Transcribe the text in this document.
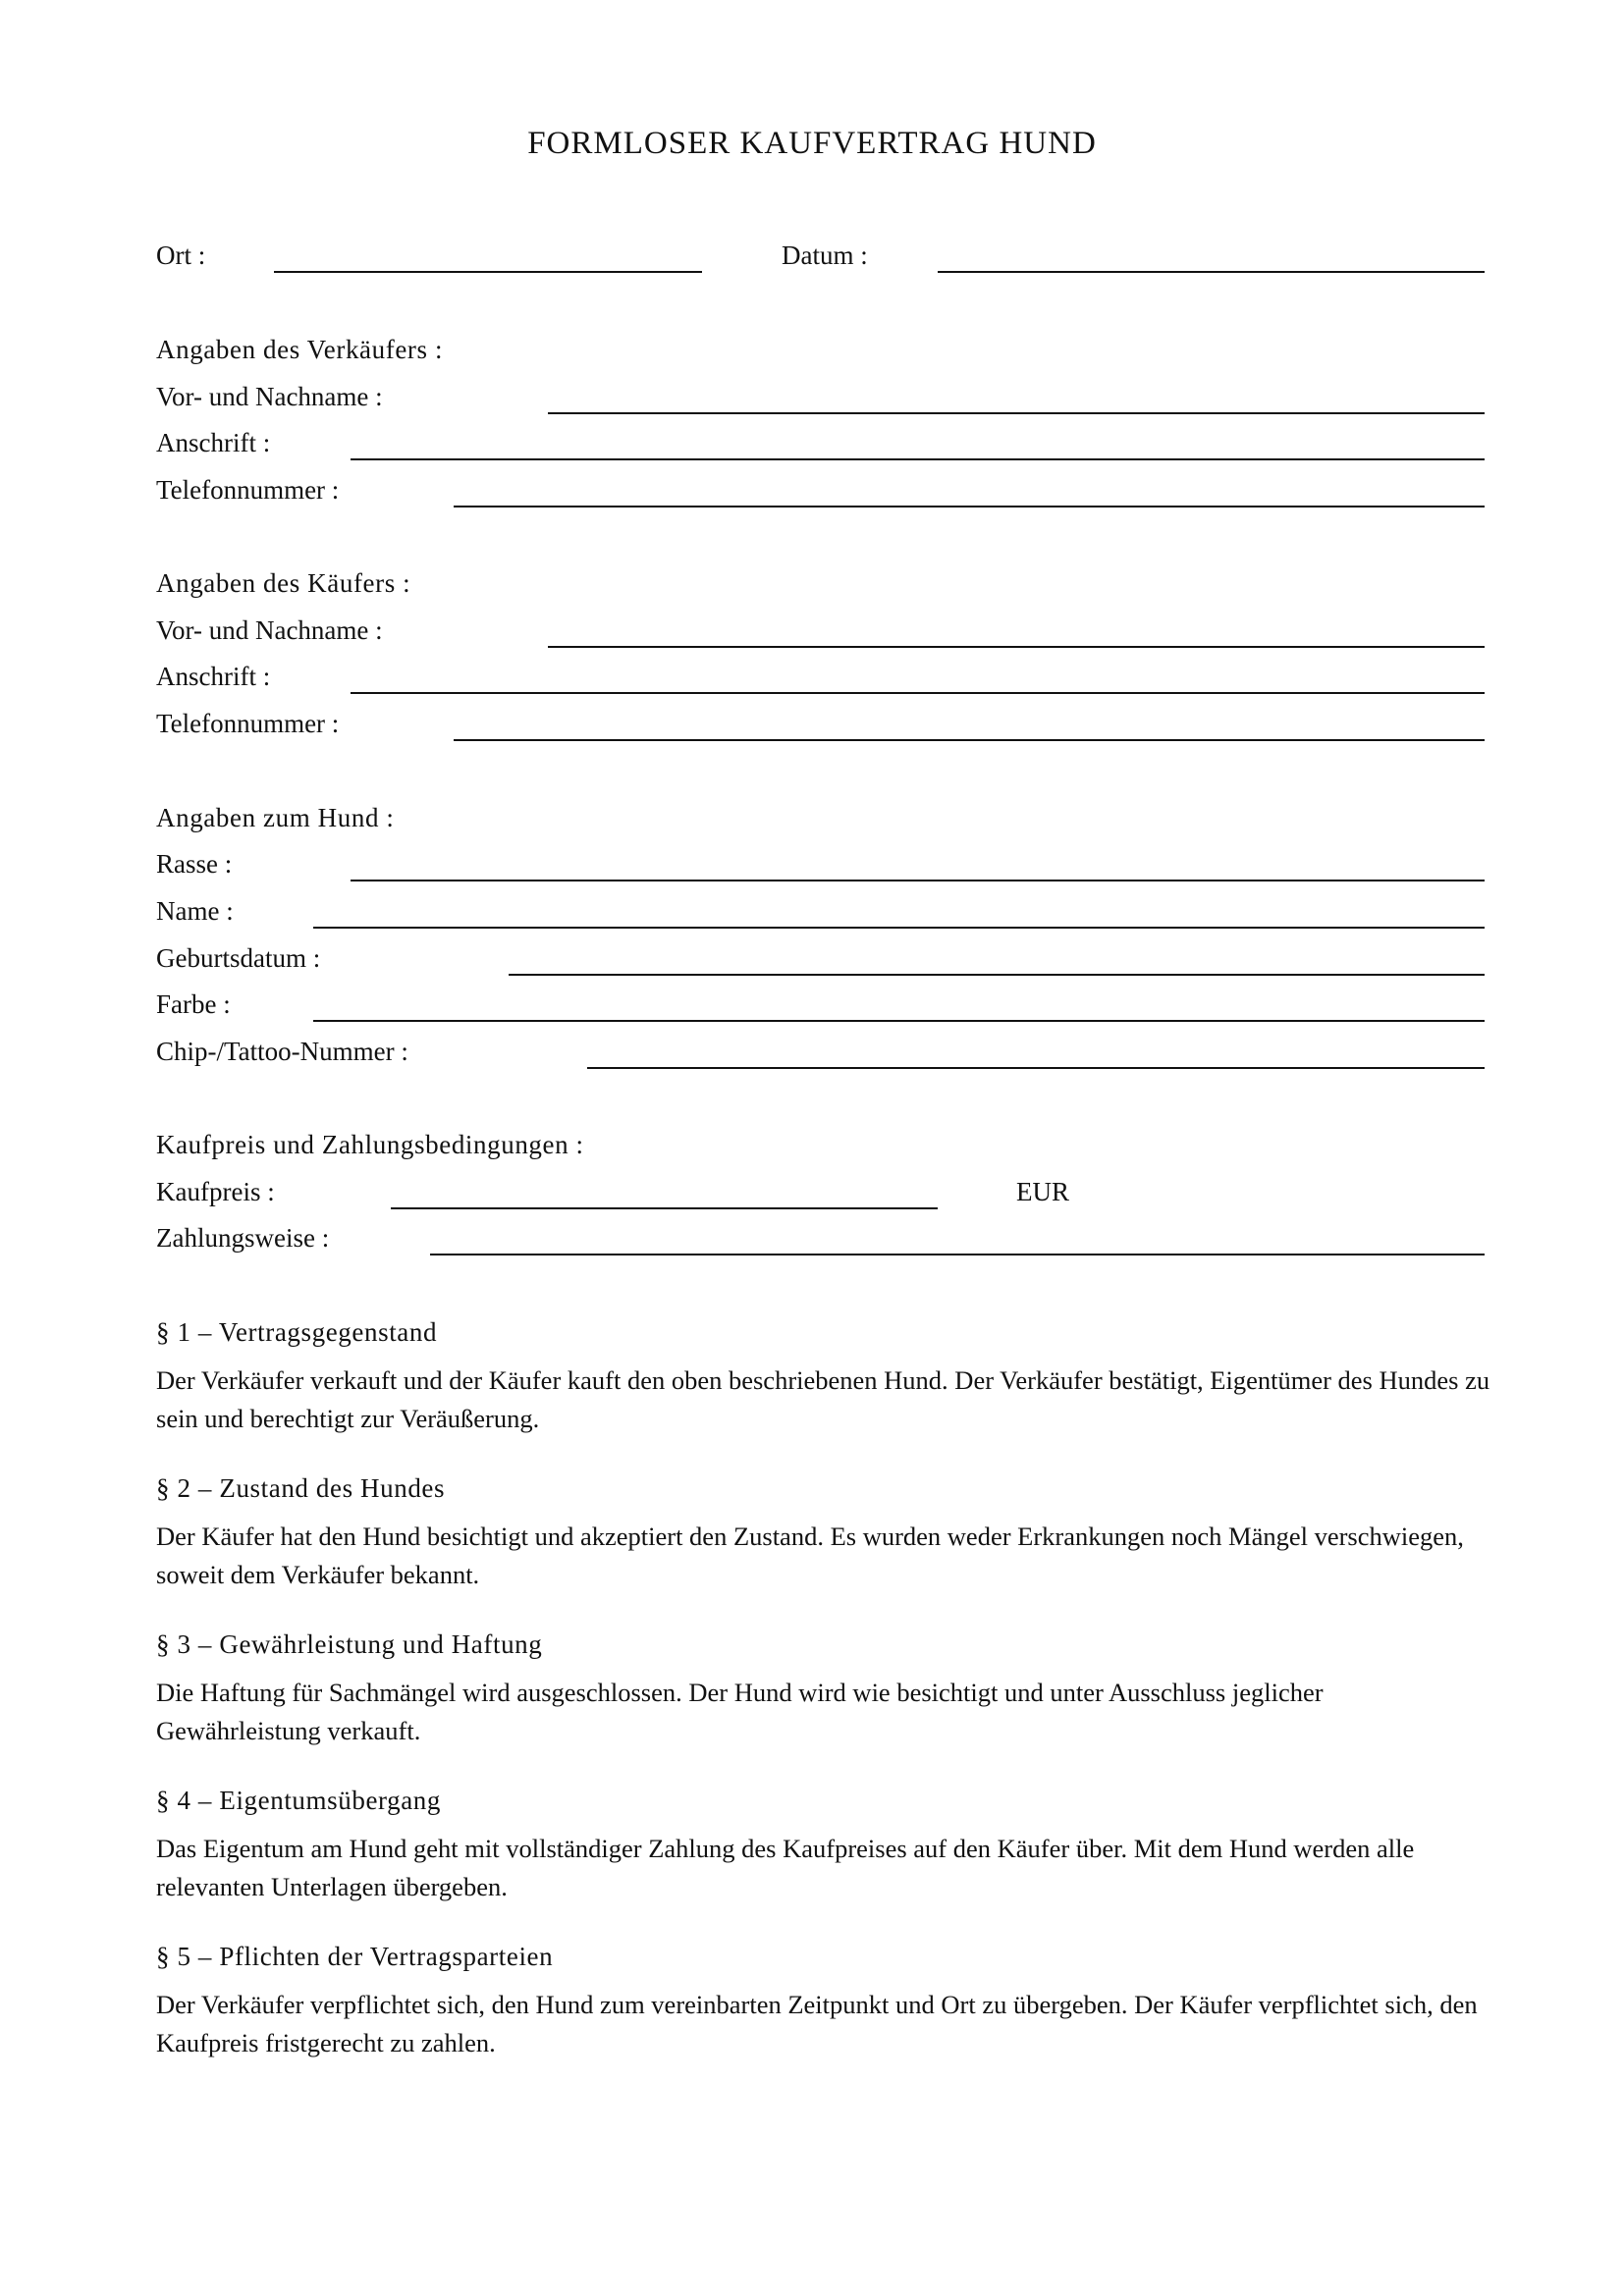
FORMLOSER KAUFVERTRAG HUND
Ort :	Datum :
Angaben des Verkäufers :
Vor- und Nachname :
Anschrift :
Telefonnummer :
Angaben des Käufers :
Vor- und Nachname :
Anschrift :
Telefonnummer :
Angaben zum Hund :
Rasse :
Name :
Geburtsdatum :
Farbe :
Chip-/Tattoo-Nummer :
Kaufpreis und Zahlungsbedingungen :
Kaufpreis :	EUR
Zahlungsweise :
§ 1 – Vertragsgegenstand
Der Verkäufer verkauft und der Käufer kauft den oben beschriebenen Hund. Der Verkäufer bestätigt, Eigentümer des Hundes zu sein und berechtigt zur Veräußerung.
§ 2 – Zustand des Hundes
Der Käufer hat den Hund besichtigt und akzeptiert den Zustand. Es wurden weder Erkrankungen noch Mängel verschwiegen, soweit dem Verkäufer bekannt.
§ 3 – Gewährleistung und Haftung
Die Haftung für Sachmängel wird ausgeschlossen. Der Hund wird wie besichtigt und unter Ausschluss jeglicher Gewährleistung verkauft.
§ 4 – Eigentumsübergang
Das Eigentum am Hund geht mit vollständiger Zahlung des Kaufpreises auf den Käufer über. Mit dem Hund werden alle relevanten Unterlagen übergeben.
§ 5 – Pflichten der Vertragsparteien
Der Verkäufer verpflichtet sich, den Hund zum vereinbarten Zeitpunkt und Ort zu übergeben. Der Käufer verpflichtet sich, den Kaufpreis fristgerecht zu zahlen.
